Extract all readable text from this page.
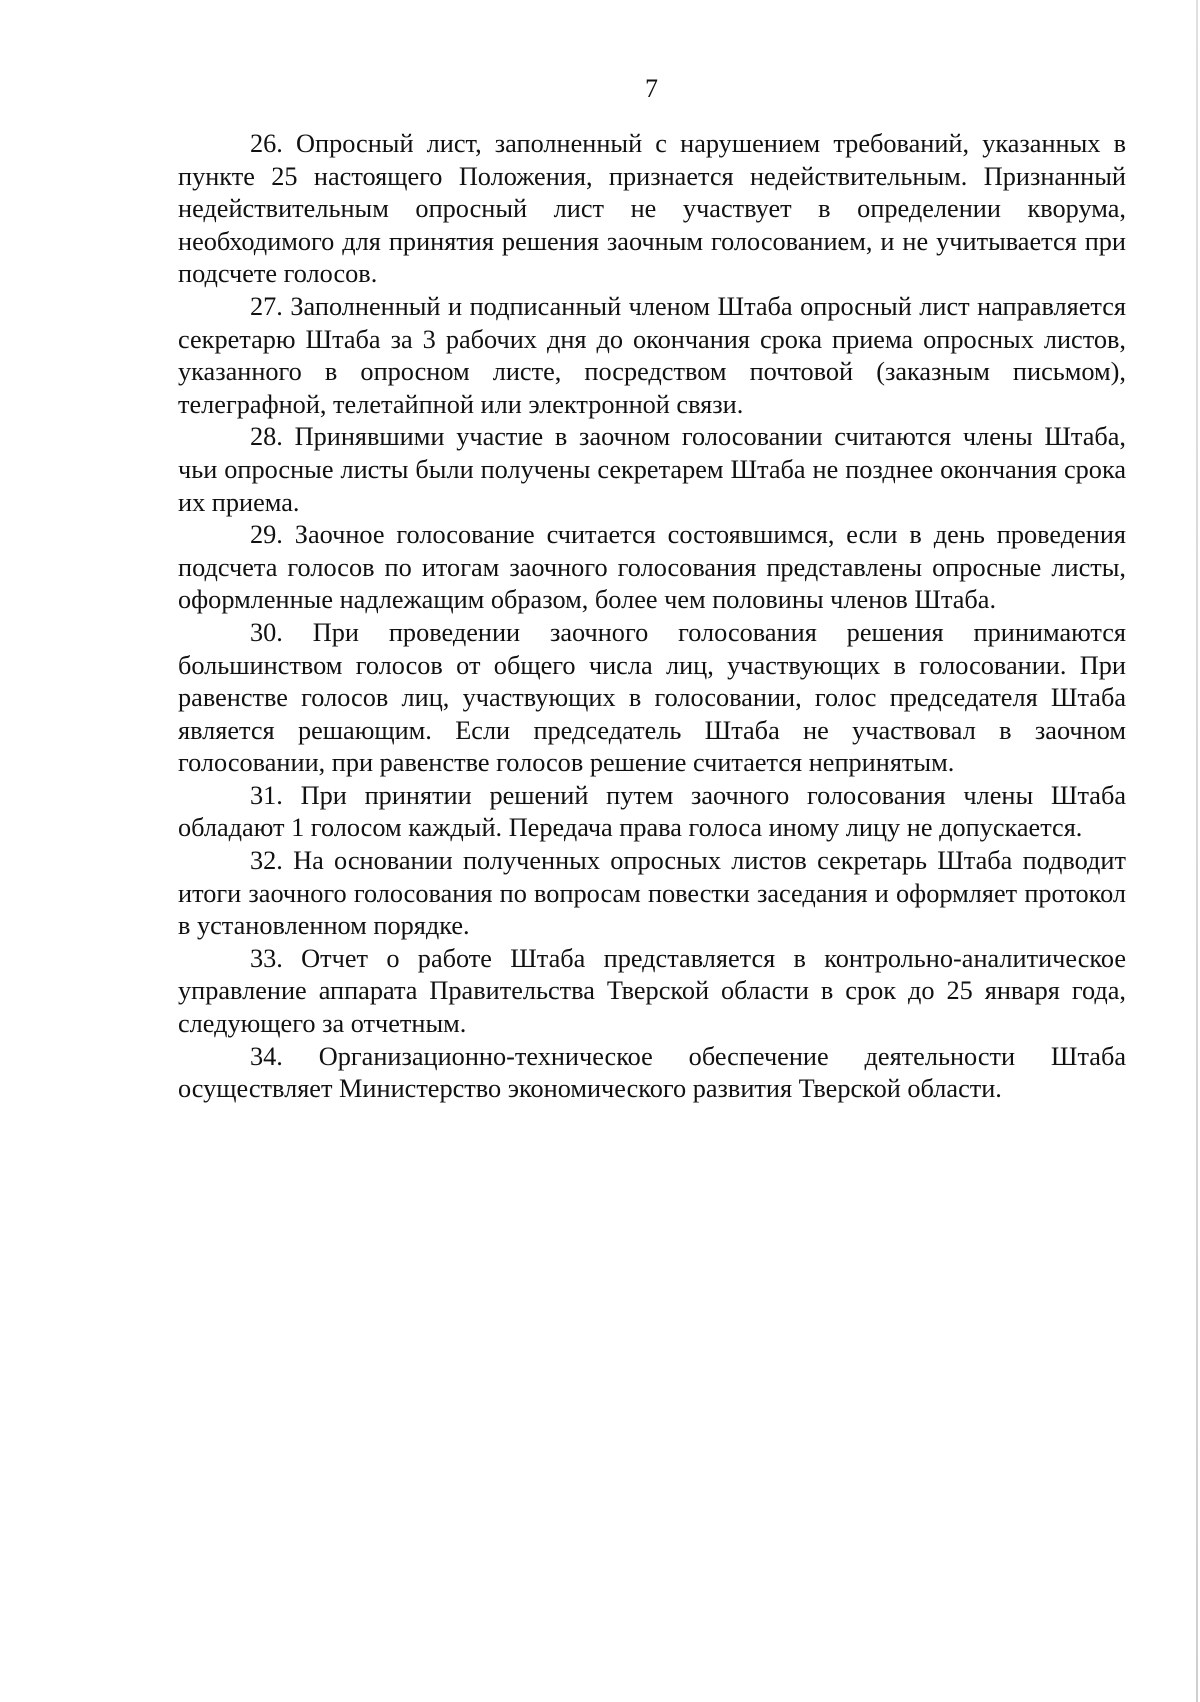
7

26. Опросный лист, заполненный с нарушением требований, указанных в пункте 25 настоящего Положения, признается недействительным. Признанный недействительным опросный лист не участвует в определении кворума, необходимого для принятия решения заочным голосованием, и не учитывается при подсчете голосов.

27. Заполненный и подписанный членом Штаба опросный лист направляется секретарю Штаба за 3 рабочих дня до окончания срока приема опросных листов, указанного в опросном листе, посредством почтовой (заказным письмом), телеграфной, телетайпной или электронной связи.

28. Принявшими участие в заочном голосовании считаются члены Штаба, чьи опросные листы были получены секретарем Штаба не позднее окончания срока их приема.

29. Заочное голосование считается состоявшимся, если в день проведения подсчета голосов по итогам заочного голосования представлены опросные листы, оформленные надлежащим образом, более чем половины членов Штаба.

30. При проведении заочного голосования решения принимаются большинством голосов от общего числа лиц, участвующих в голосовании. При равенстве голосов лиц, участвующих в голосовании, голос председателя Штаба является решающим. Если председатель Штаба не участвовал в заочном голосовании, при равенстве голосов решение считается непринятым.

31. При принятии решений путем заочного голосования члены Штаба обладают 1 голосом каждый. Передача права голоса иному лицу не допускается.

32. На основании полученных опросных листов секретарь Штаба подводит итоги заочного голосования по вопросам повестки заседания и оформляет протокол в установленном порядке.

33. Отчет о работе Штаба представляется в контрольно-аналитическое управление аппарата Правительства Тверской области в срок до 25 января года, следующего за отчетным.

34. Организационно-техническое обеспечение деятельности Штаба осуществляет Министерство экономического развития Тверской области.
